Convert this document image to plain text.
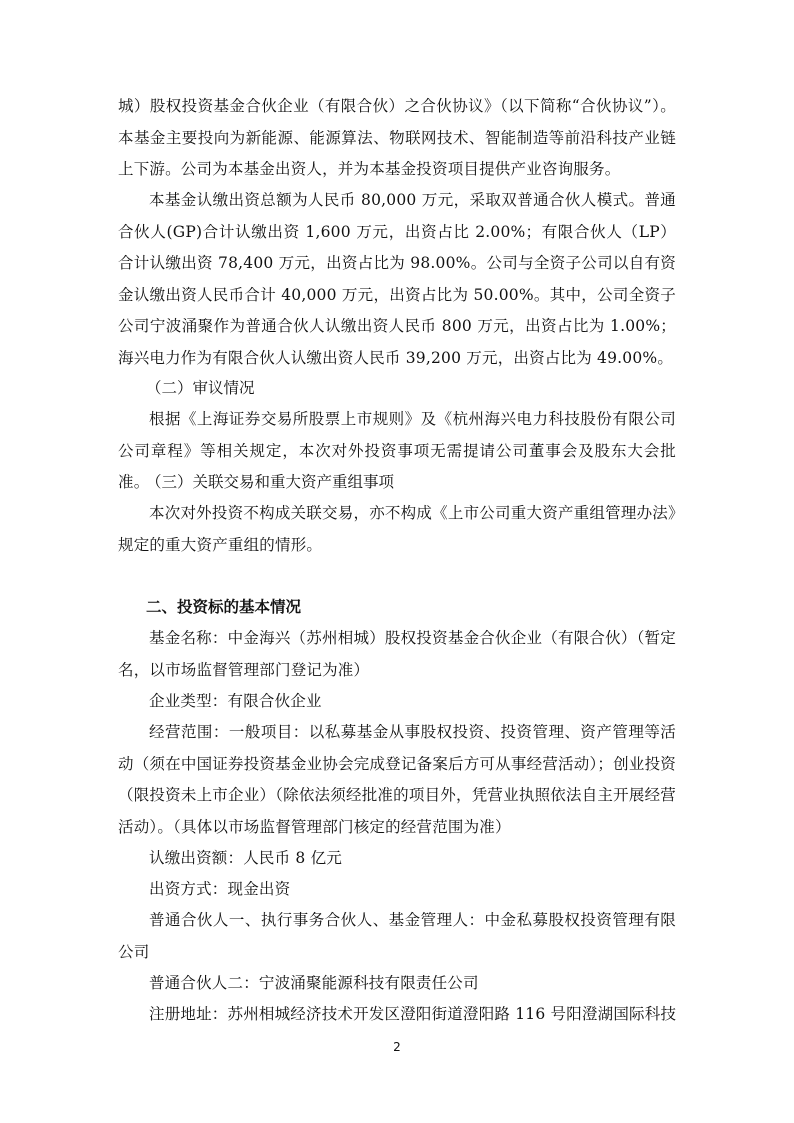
城）股权投资基金合伙企业（有限合伙）之合伙协议》（以下简称“合伙协议”）。本基金主要投向为新能源、能源算法、物联网技术、智能制造等前沿科技产业链上下游。公司为本基金出资人，并为本基金投资项目提供产业咨询服务。

本基金认缴出资总额为人民币 80,000 万元，采取双普通合伙人模式。普通合伙人(GP)合计认缴出资 1,600 万元，出资占比 2.00%；有限合伙人（LP）合计认缴出资 78,400 万元，出资占比为 98.00%。公司与全资子公司以自有资金认缴出资人民币合计 40,000 万元，出资占比为 50.00%。其中，公司全资子公司宁波涌聚作为普通合伙人认缴出资人民币 800 万元，出资占比为 1.00%；海兴电力作为有限合伙人认缴出资人民币 39,200 万元，出资占比为 49.00%。

（二）审议情况

根据《上海证券交易所股票上市规则》及《杭州海兴电力科技股份有限公司公司章程》等相关规定，本次对外投资事项无需提请公司董事会及股东大会批准。

（三）关联交易和重大资产重组事项

本次对外投资不构成关联交易，亦不构成《上市公司重大资产重组管理办法》规定的重大资产重组的情形。

二、投资标的基本情况

基金名称：中金海兴（苏州相城）股权投资基金合伙企业（有限合伙）（暂定名，以市场监督管理部门登记为准）

企业类型：有限合伙企业

经营范围：一般项目：以私募基金从事股权投资、投资管理、资产管理等活动（须在中国证券投资基金业协会完成登记备案后方可从事经营活动）；创业投资（限投资未上市企业）（除依法须经批准的项目外，凭营业执照依法自主开展经营活动）。（具体以市场监督管理部门核定的经营范围为准）

认缴出资额：人民币 8 亿元

出资方式：现金出资

普通合伙人一、执行事务合伙人、基金管理人：中金私募股权投资管理有限公司

普通合伙人二：宁波涌聚能源科技有限责任公司

注册地址：苏州相城经济技术开发区澄阳街道澄阳路 116 号阳澄湖国际科技

2
